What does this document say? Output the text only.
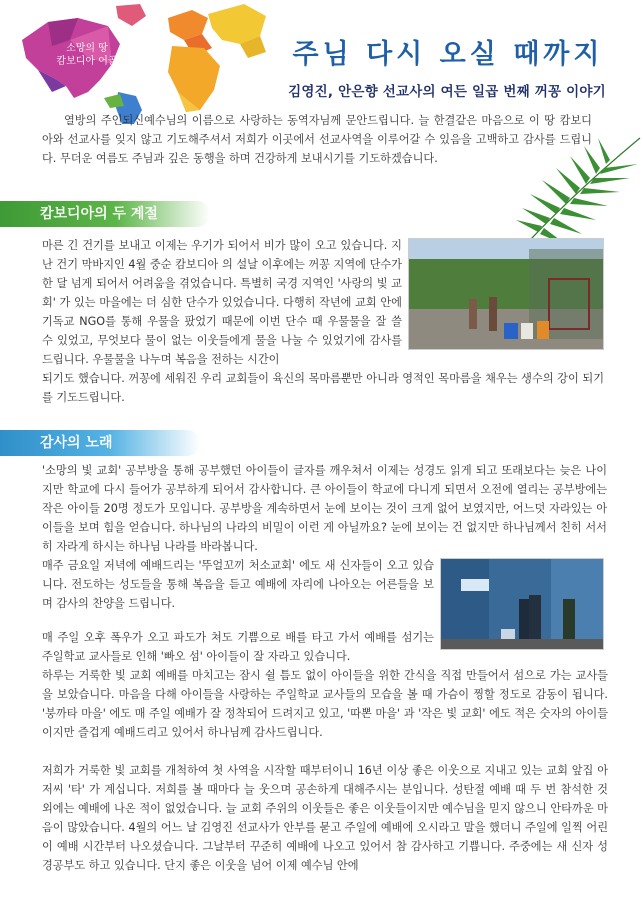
소망의 땅
캄보디아 어골	주님 다시 오실 때까지
김영진, 안은향 선교사의 여든 일곱 번째 꺼꽁 이야기
열방의 주인되신예수님의 이름으로 사랑하는 동역자님께 문안드립니다. 늘 한결같은 마음으로 이 땅 캄보디아와 선교사를 잊지 않고 기도해주셔서 저희가 이곳에서 선교사역을 이루어갈 수 있음을 고백하고 감사를 드립니다. 무더운 여름도 주님과 깊은 동행을 하며 건강하게 보내시기를 기도하겠습니다.
캄보디아의 두 계절
마른 긴 건기를 보내고 이제는 우기가 되어서 비가 많이 오고 있습니다. 지난 건기 막바지인 4월 중순 캄보디아 의 설날 이후에는 꺼꽁 지역에 단수가 한 달 넘게 되어서 어려움을 겪었습니다. 특별히 국경 지역인 '사랑의 빛 교회' 가 있는 마을에는 더 심한 단수가 있었습니다. 다행히 작년에 교회 안에 기독교 NGO를 통해 우물을 팠었기 때문에 이번 단수 때 우물물을 잘 쓸 수 있었고, 무엇보다 물이 없는 이웃들에게 물을 나눌 수 있었기에 감사를 드립니다. 우물물을 나누며 복음을 전하는 시간이
되기도 했습니다. 꺼꽁에 세워진 우리 교회들이 육신의 목마름뿐만 아니라 영적인 목마름을 채우는 생수의 강이 되기를 기도드립니다.
감사의 노래
'소망의 빛 교회' 공부방을 통해 공부했던 아이들이 글자를 깨우쳐서 이제는 성경도 읽게 되고 또래보다는 늦은 나이지만 학교에 다시 들어가 공부하게 되어서 감사합니다. 큰 아이들이 학교에 다니게 되면서 오전에 열리는 공부방에는 작은 아이들 20명 정도가 모입니다. 공부방을 계속하면서 눈에 보이는 것이 크게 없어 보였지만, 어느덧 자라있는 아이들을 보며 힘을 얻습니다. 하나님의 나라의 비밀이 이런 게 아닐까요? 눈에 보이는 건 없지만 하나님께서 친히 서서히 자라게 하시는 하나님 나라를 바라봅니다.
매주 금요일 저녁에 예배드리는 '뚜얼꼬끼 처소교회' 에도 새 신자들이 오고 있습니다. 전도하는 성도들을 통해 복음을 듣고 예배에 자리에 나아오는 어른들을 보며 감사의 찬양을 드립니다.
매 주일 오후 폭우가 오고 파도가 쳐도 기쁨으로 배를 타고 가서 예배를 섬기는 주일학교 교사들로 인해 '빠오 섬' 아이들이 잘 자라고 있습니다.
하루는 거룩한 빛 교회 예배를 마치고는 잠시 쉴 틈도 없이 아이들을 위한 간식을 직접 만들어서 섬으로 가는 교사들을 보았습니다. 마음을 다해 아이들을 사랑하는 주일학교 교사들의 모습을 볼 때 가슴이 찡할 정도로 감동이 됩니다. '붕까타 마을' 에도 매 주일 예배가 잘 정착되어 드려지고 있고, '따뽄 마을' 과 '작은 빛 교회' 에도 적은 숫자의 아이들이지만 즐겁게 예배드리고 있어서 하나님께 감사드립니다.
저희가 거룩한 빛 교회를 개척하여 첫 사역을 시작할 때부터이니 16년 이상 좋은 이웃으로 지내고 있는 교회 앞집 아저씨 '타' 가 계십니다. 저희를 볼 때마다 늘 웃으며 공손하게 대해주시는 분입니다. 성탄절 예배 때 두 번 참석한 것 외에는 예배에 나온 적이 없었습니다. 늘 교회 주위의 이웃들은 좋은 이웃들이지만 예수님을 믿지 않으니 안타까운 마음이 많았습니다. 4월의 어느 날 김영진 선교사가 안부를 묻고 주일에 예배에 오시라고 말을 했더니 주일에 일찍 어린이 예배 시간부터 나오셨습니다. 그날부터 꾸준히 예배에 나오고 있어서 참 감사하고 기쁩니다. 주중에는 새 신자 성경공부도 하고 있습니다. 단지 좋은 이웃을 넘어 이제 예수님 안에
